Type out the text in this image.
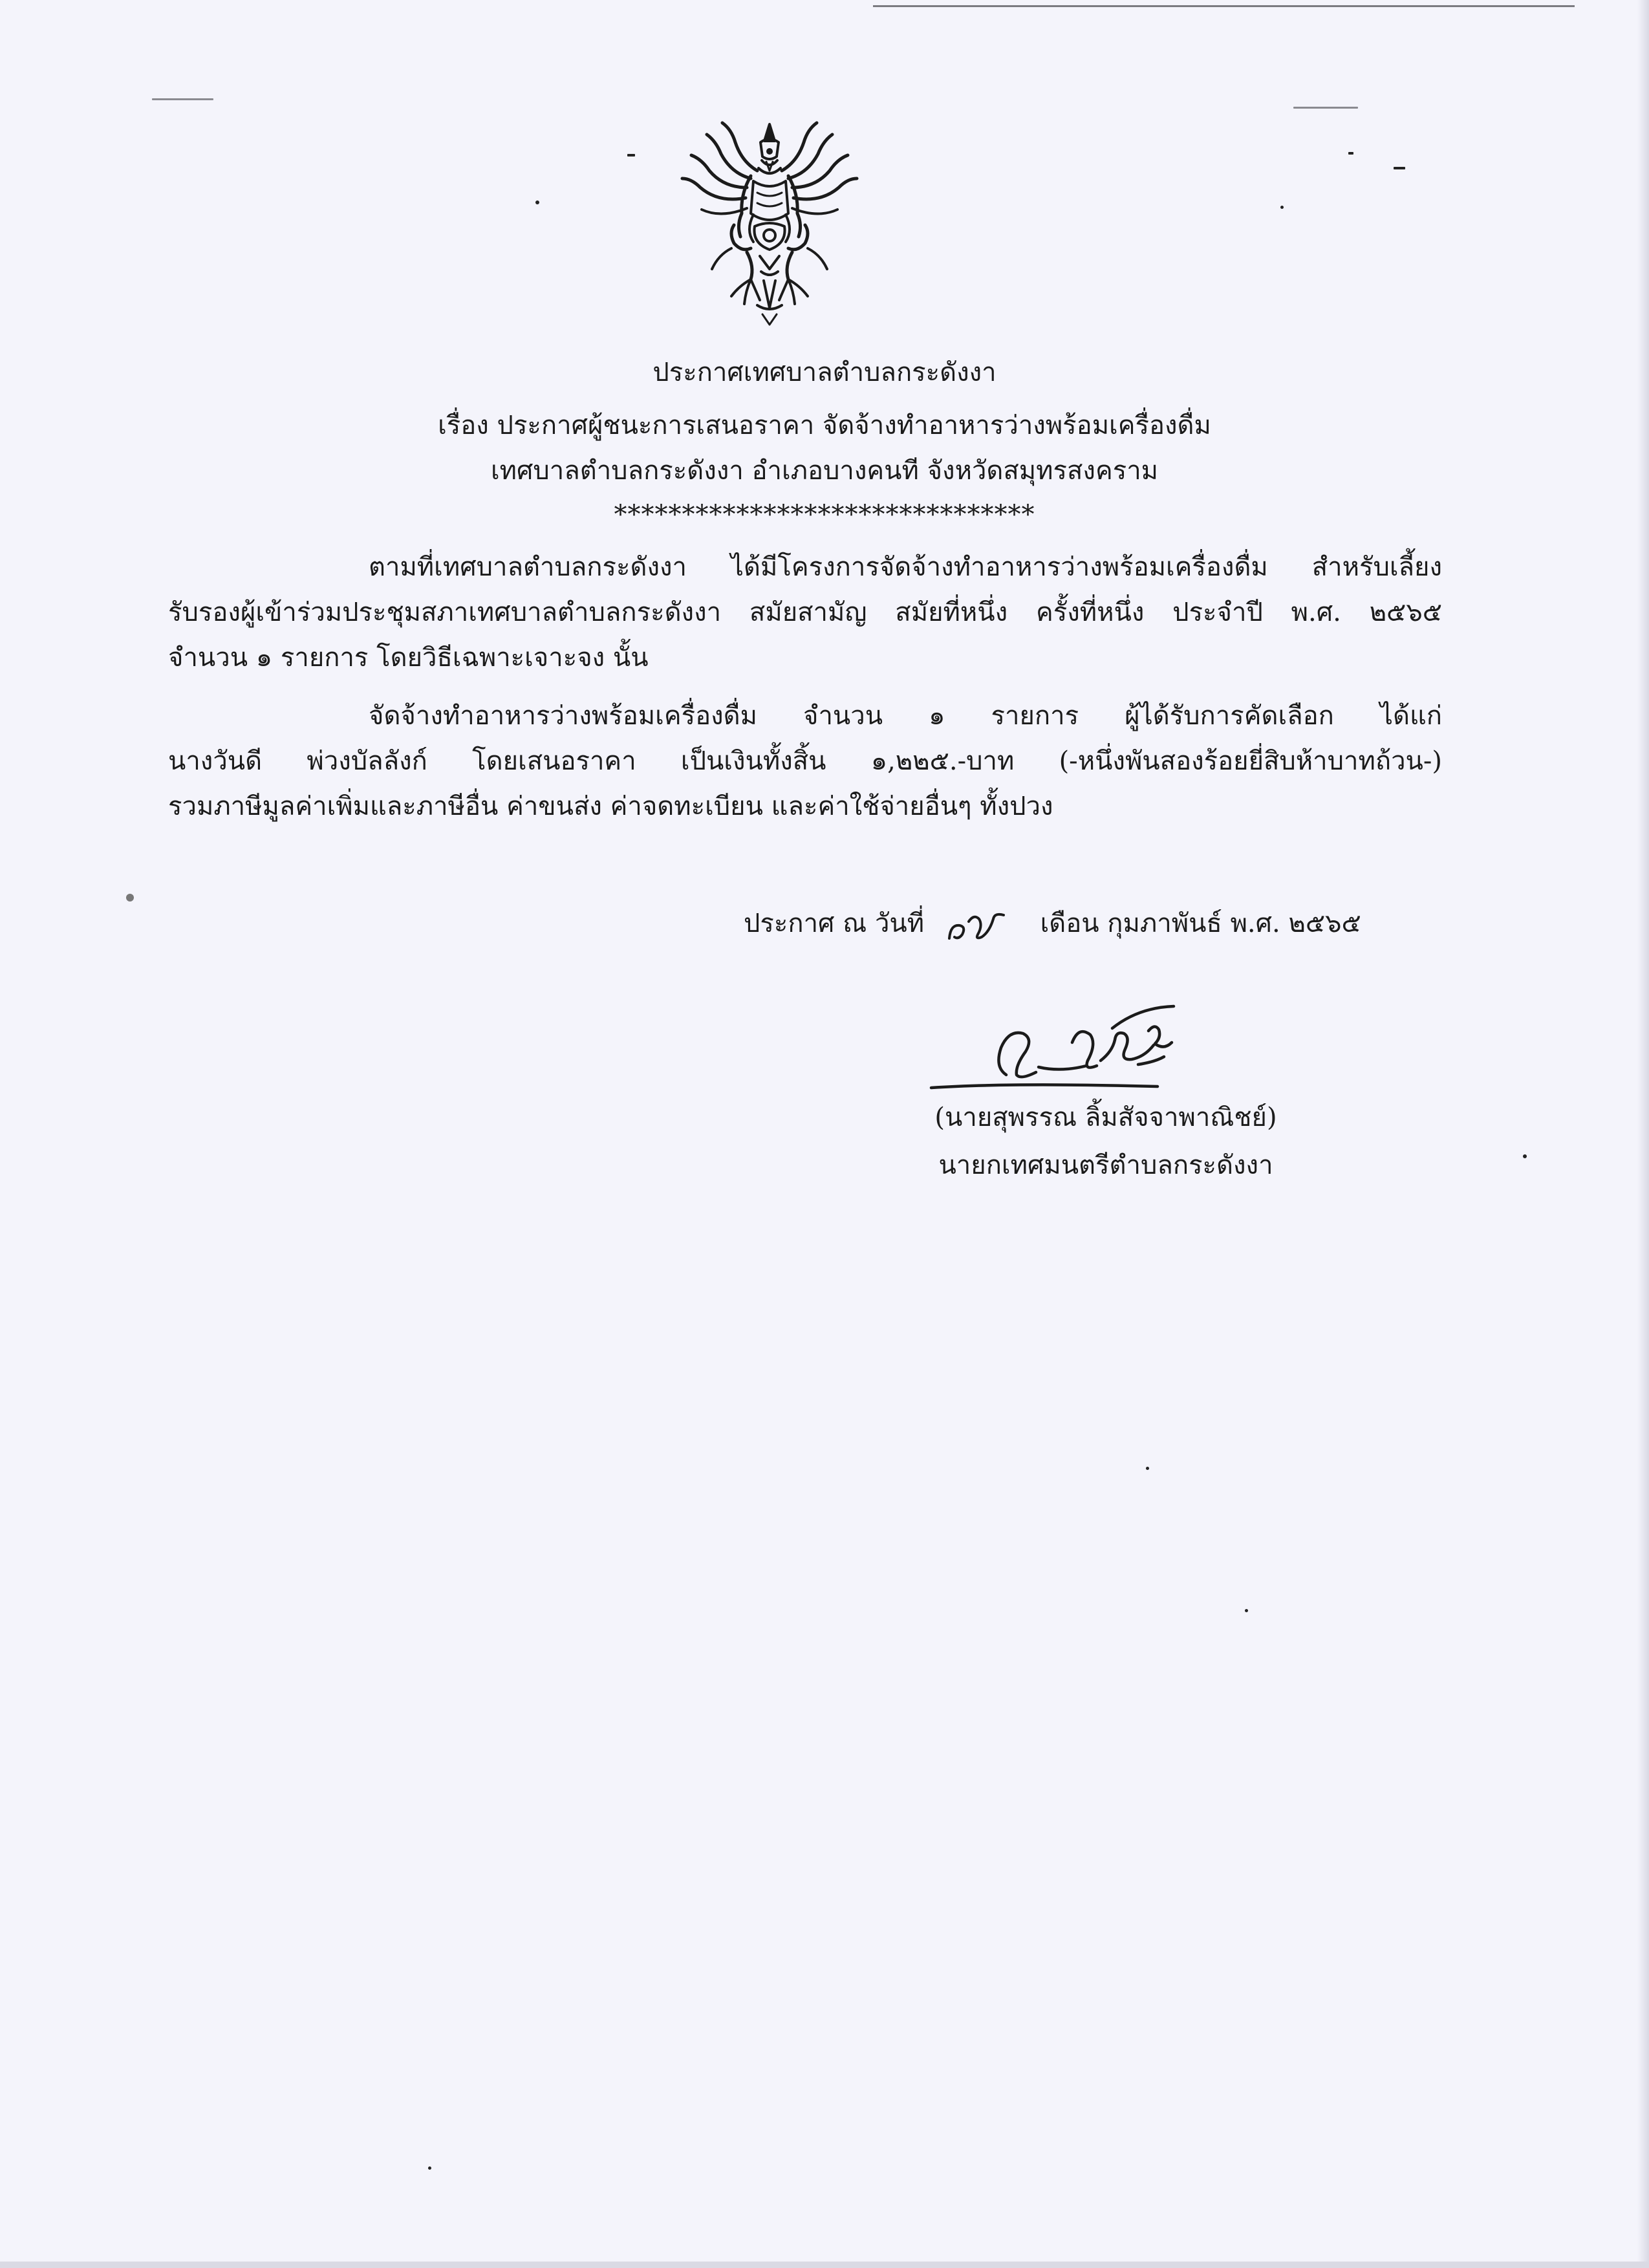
ประกาศเทศบาลตำบลกระดังงา
เรื่อง ประกาศผู้ชนะการเสนอราคา จัดจ้างทำอาหารว่างพร้อมเครื่องดื่ม
เทศบาลตำบลกระดังงา อำเภอบางคนที จังหวัดสมุทรสงคราม
*******************************
ตามที่เทศบาลตำบลกระดังงา ได้มีโครงการจัดจ้างทำอาหารว่างพร้อมเครื่องดื่ม สำหรับเลี้ยง
รับรองผู้เข้าร่วมประชุมสภาเทศบาลตำบลกระดังงา สมัยสามัญ สมัยที่หนึ่ง ครั้งที่หนึ่ง ประจำปี พ.ศ. ๒๕๖๕
จำนวน ๑ รายการ โดยวิธีเฉพาะเจาะจง นั้น
จัดจ้างทำอาหารว่างพร้อมเครื่องดื่ม จำนวน ๑ รายการ ผู้ได้รับการคัดเลือก ได้แก่
นางวันดี พ่วงบัลลังก์ โดยเสนอราคา เป็นเงินทั้งสิ้น ๑,๒๒๕.-บาท (-หนึ่งพันสองร้อยยี่สิบห้าบาทถ้วน-)
รวมภาษีมูลค่าเพิ่มและภาษีอื่น ค่าขนส่ง ค่าจดทะเบียน และค่าใช้จ่ายอื่นๆ ทั้งปวง
ประกาศ ณ วันที่	เดือน กุมภาพันธ์ พ.ศ. ๒๕๖๕
(นายสุพรรณ ลิ้มสัจจาพาณิชย์)
นายกเทศมนตรีตำบลกระดังงา
